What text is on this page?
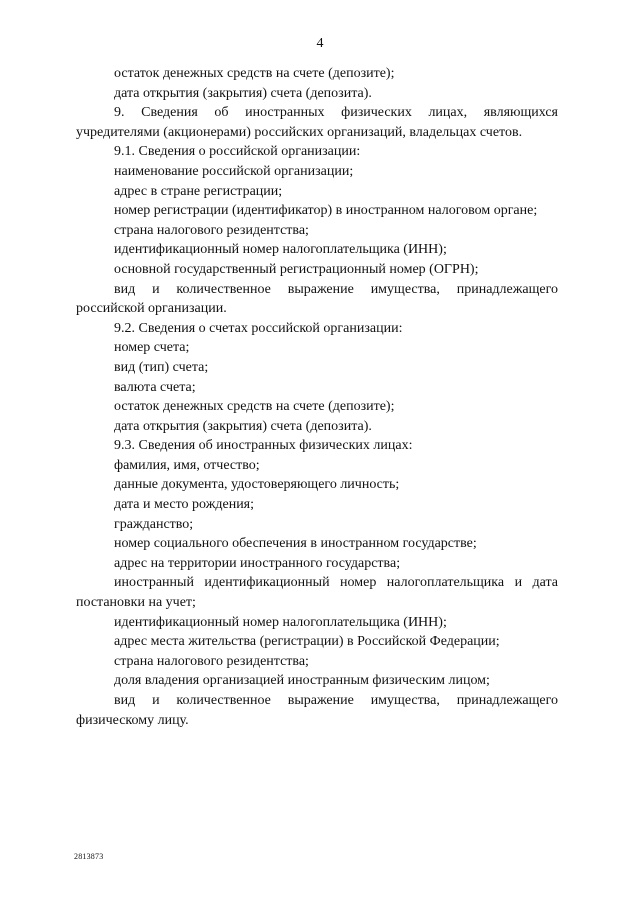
4

остаток денежных средств на счете (депозите);

дата открытия (закрытия) счета (депозита).

9. Сведения об иностранных физических лицах, являющихся учредителями (акционерами) российских организаций, владельцах счетов.

9.1. Сведения о российской организации:

наименование российской организации;

адрес в стране регистрации;

номер регистрации (идентификатор) в иностранном налоговом органе;

страна налогового резидентства;

идентификационный номер налогоплательщика (ИНН);

основной государственный регистрационный номер (ОГРН);

вид и количественное выражение имущества, принадлежащего российской организации.

9.2. Сведения о счетах российской организации:

номер счета;

вид (тип) счета;

валюта счета;

остаток денежных средств на счете (депозите);

дата открытия (закрытия) счета (депозита).

9.3. Сведения об иностранных физических лицах:

фамилия, имя, отчество;

данные документа, удостоверяющего личность;

дата и место рождения;

гражданство;

номер социального обеспечения в иностранном государстве;

адрес на территории иностранного государства;

иностранный идентификационный номер налогоплательщика и дата постановки на учет;

идентификационный номер налогоплательщика (ИНН);

адрес места жительства (регистрации) в Российской Федерации;

страна налогового резидентства;

доля владения организацией иностранным физическим лицом;

вид и количественное выражение имущества, принадлежащего физическому лицу.

2813873
